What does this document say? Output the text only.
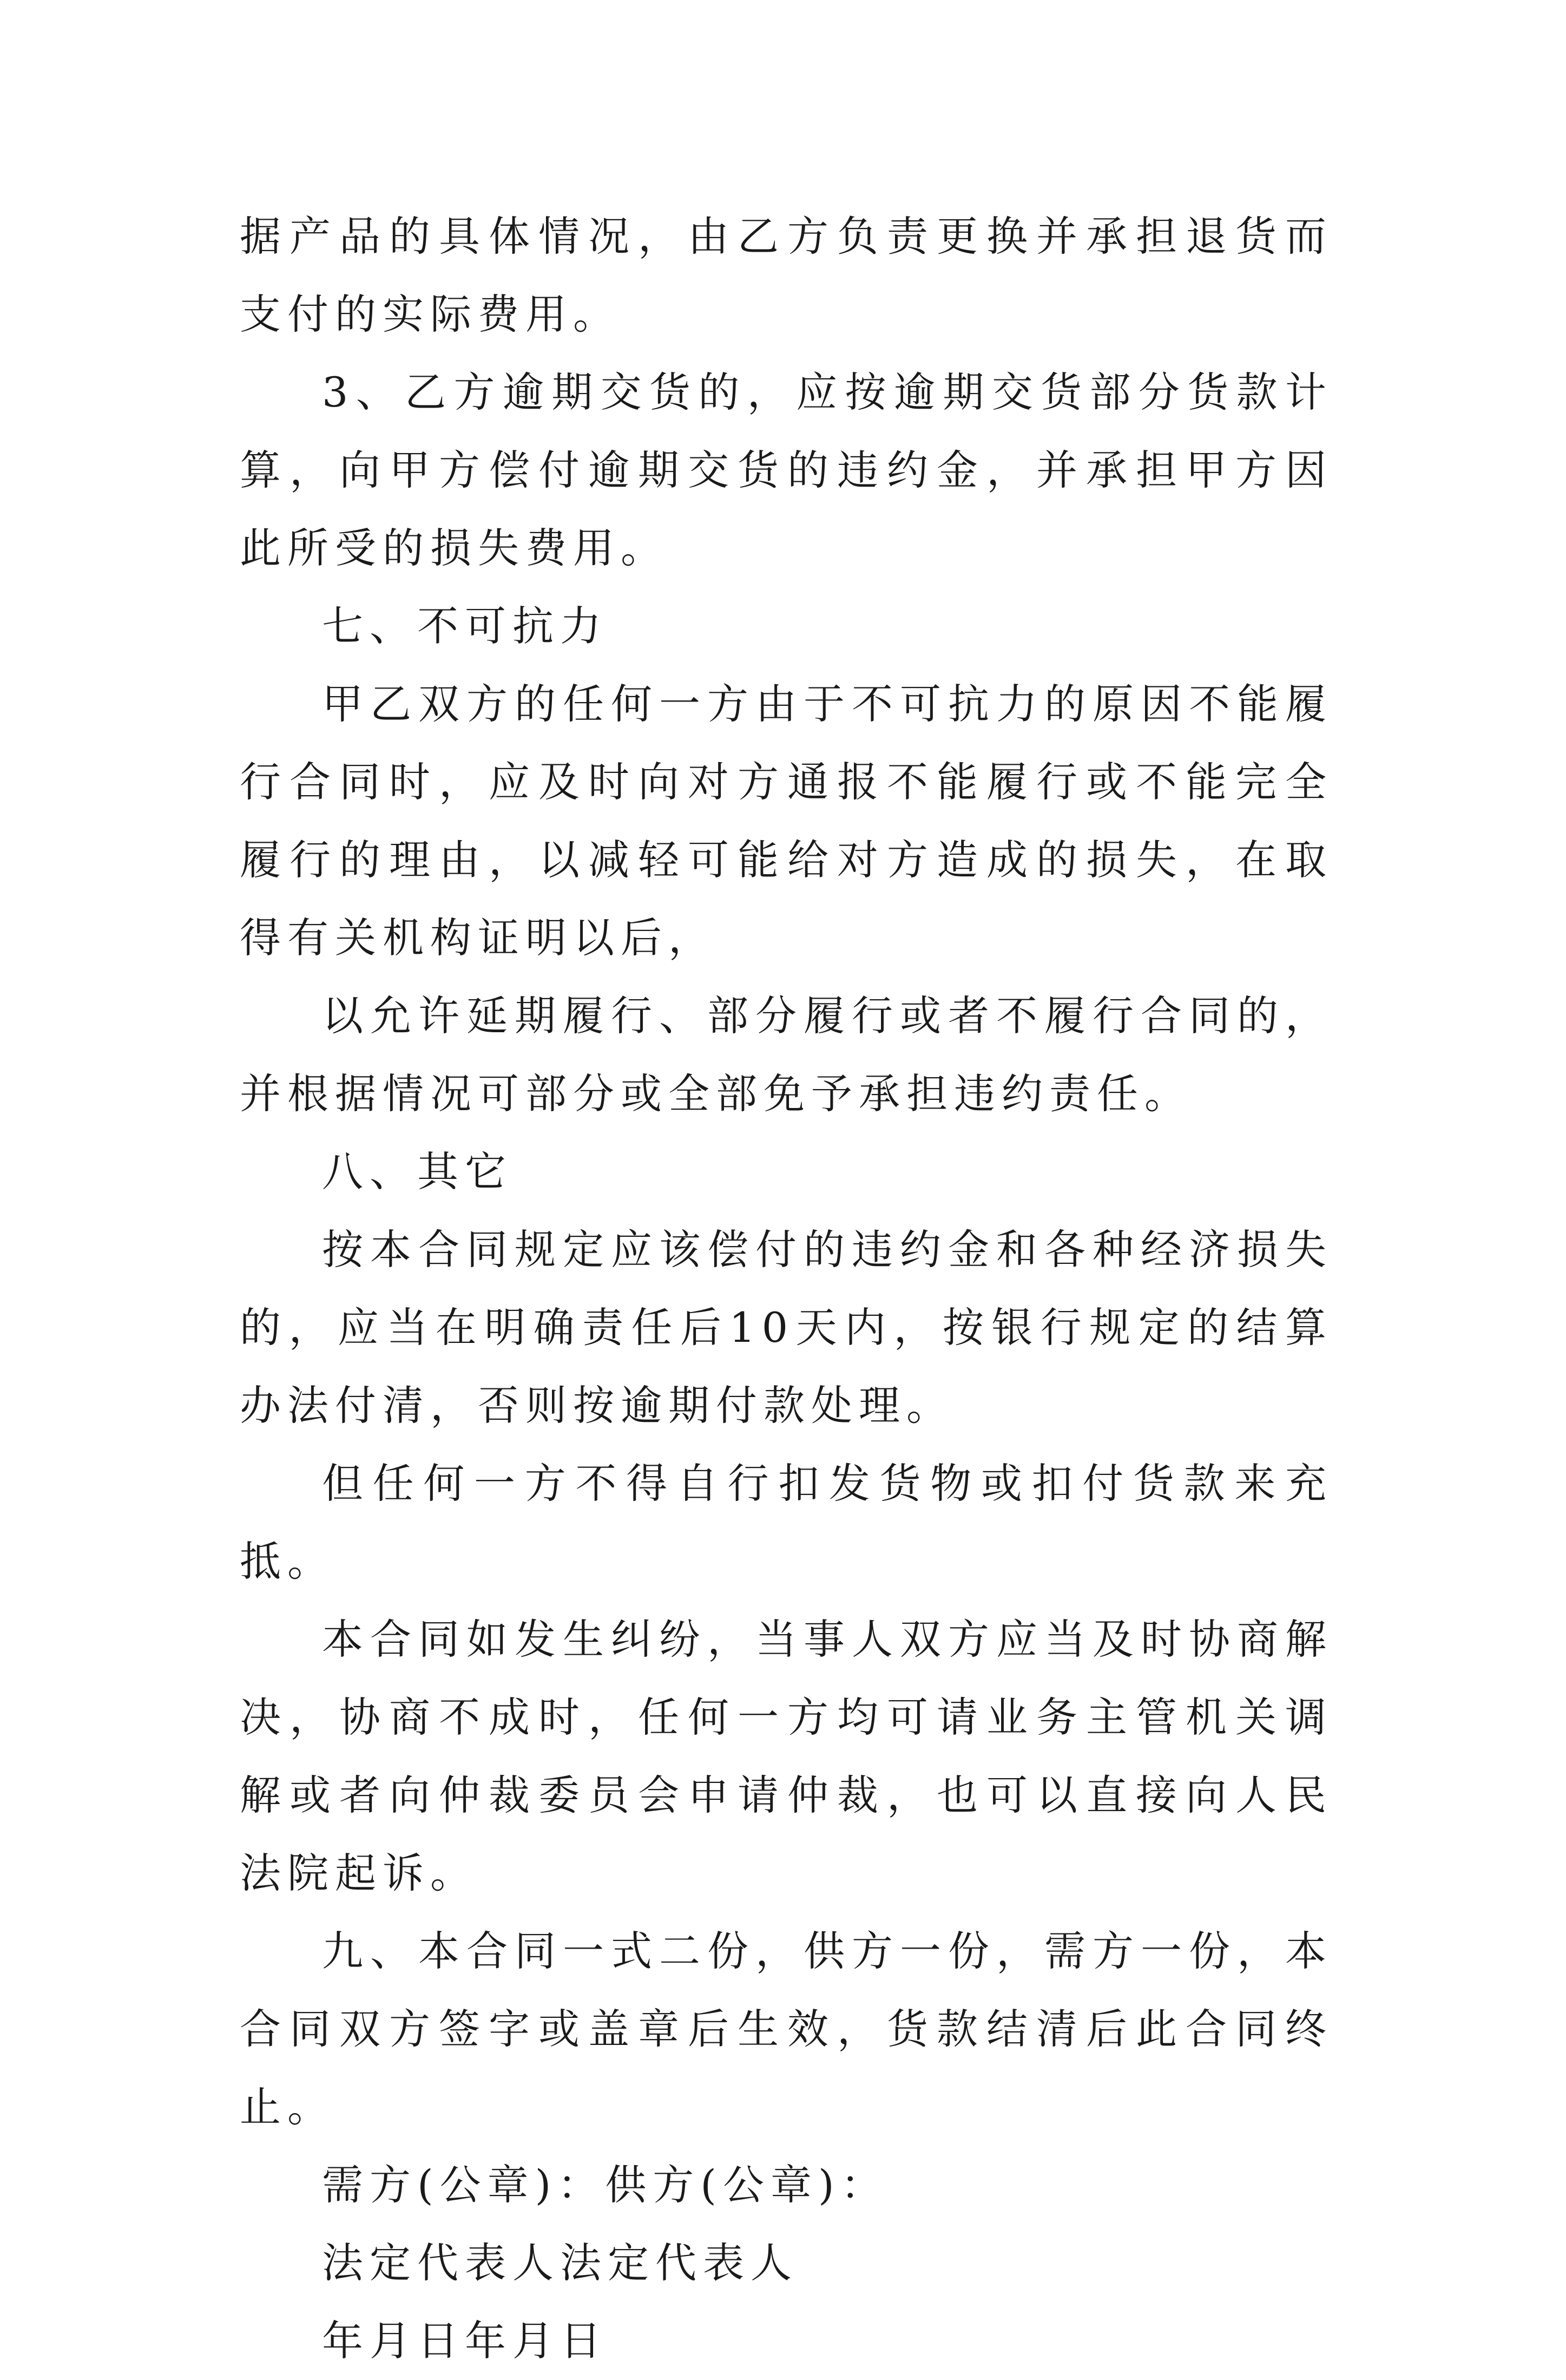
据产品的具体情况，由乙方负责更换并承担退货而支付的实际费用。

3、乙方逾期交货的，应按逾期交货部分货款计算，向甲方偿付逾期交货的违约金，并承担甲方因此所受的损失费用。

七、不可抗力

甲乙双方的任何一方由于不可抗力的原因不能履行合同时，应及时向对方通报不能履行或不能完全履行的理由，以减轻可能给对方造成的损失，在取得有关机构证明以后，

以允许延期履行、部分履行或者不履行合同的，并根据情况可部分或全部免予承担违约责任。

八、其它

按本合同规定应该偿付的违约金和各种经济损失的，应当在明确责任后10天内，按银行规定的结算办法付清，否则按逾期付款处理。

但任何一方不得自行扣发货物或扣付货款来充抵。

本合同如发生纠纷，当事人双方应当及时协商解决，协商不成时，任何一方均可请业务主管机关调解或者向仲裁委员会申请仲裁，也可以直接向人民法院起诉。

九、本合同一式二份，供方一份，需方一份，本合同双方签字或盖章后生效，货款结清后此合同终止。

需方(公章)：供方(公章)：

法定代表人法定代表人

年月日年月日
